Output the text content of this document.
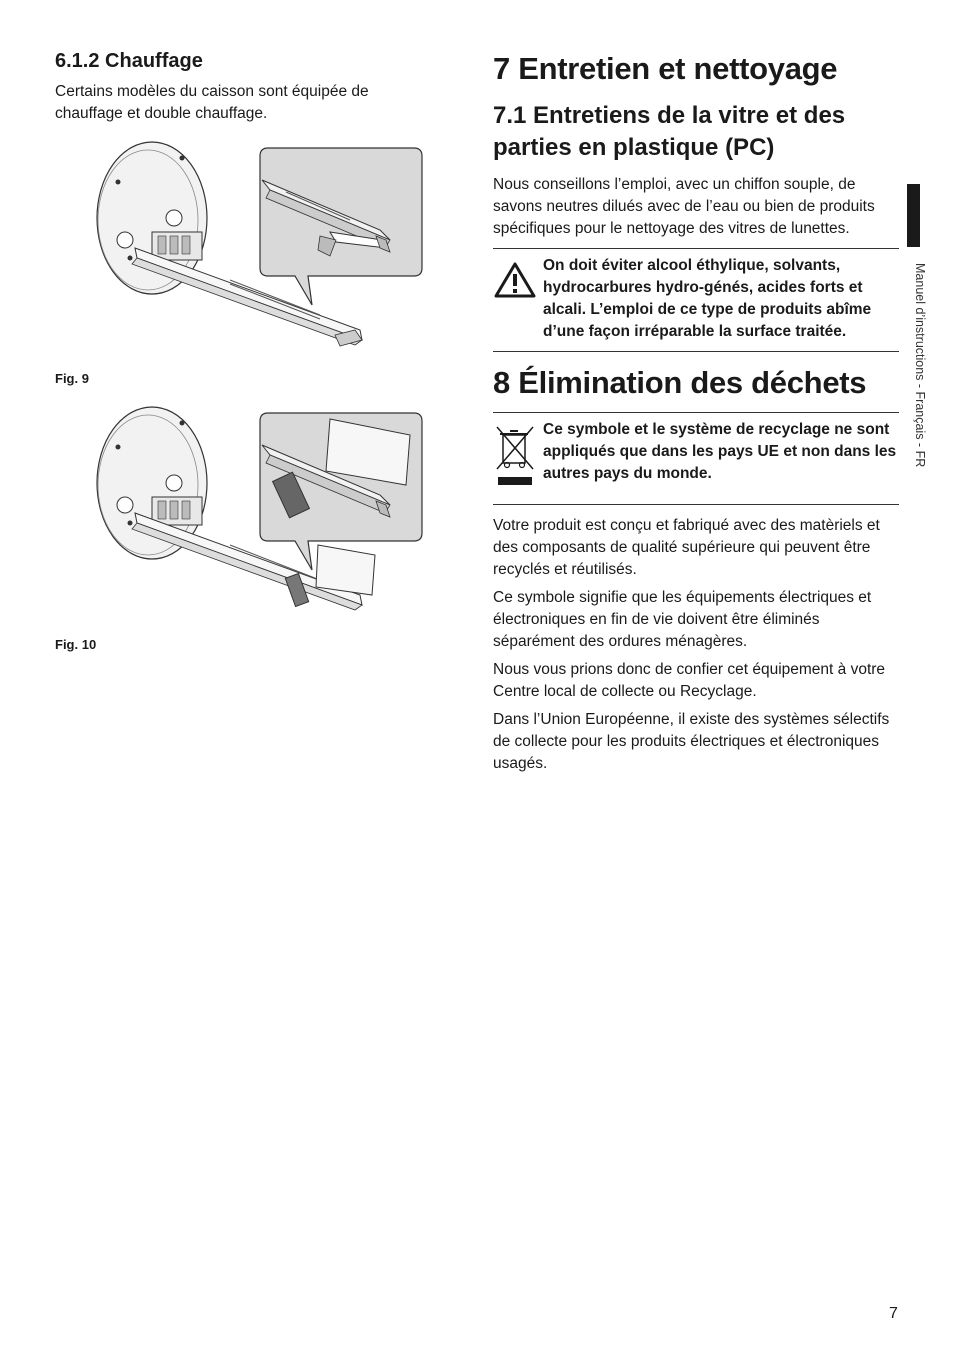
6.1.2 Chauffage

Certains modèles du caisson sont équipée de chauffage et double chauffage.

Fig. 9
Fig. 10
7 Entretien et nettoyage
7.1 Entretiens de la vitre et des parties en plastique (PC)

Nous conseillons l’emploi, avec un chiffon souple, de savons neutres dilués avec de l’eau ou bien de produits spécifiques pour le nettoyage des vitres de lunettes.

On doit éviter alcool éthylique, solvants, hydrocarbures hydro-génés, acides forts et alcali. L’emploi de ce type de produits abîme d’une façon irréparable la surface traitée.
8 Élimination des déchets
Ce symbole et le système de recyclage ne sont appliqués que dans les pays UE et non dans les autres pays du monde.

Votre produit est conçu et fabriqué avec des matèriels et des composants de qualité supérieure qui peuvent être recyclés et réutilisés.

Ce symbole signifie que les équipements électriques et électroniques en fin de vie doivent être éliminés séparément des ordures ménagères.

Nous vous prions donc de confier cet équipement à votre Centre local de collecte ou Recyclage.

Dans l’Union Européenne, il existe des systèmes sélectifs de collecte pour les produits électriques et électroniques usagés.

Manuel d’instructions - Français - FR
7
